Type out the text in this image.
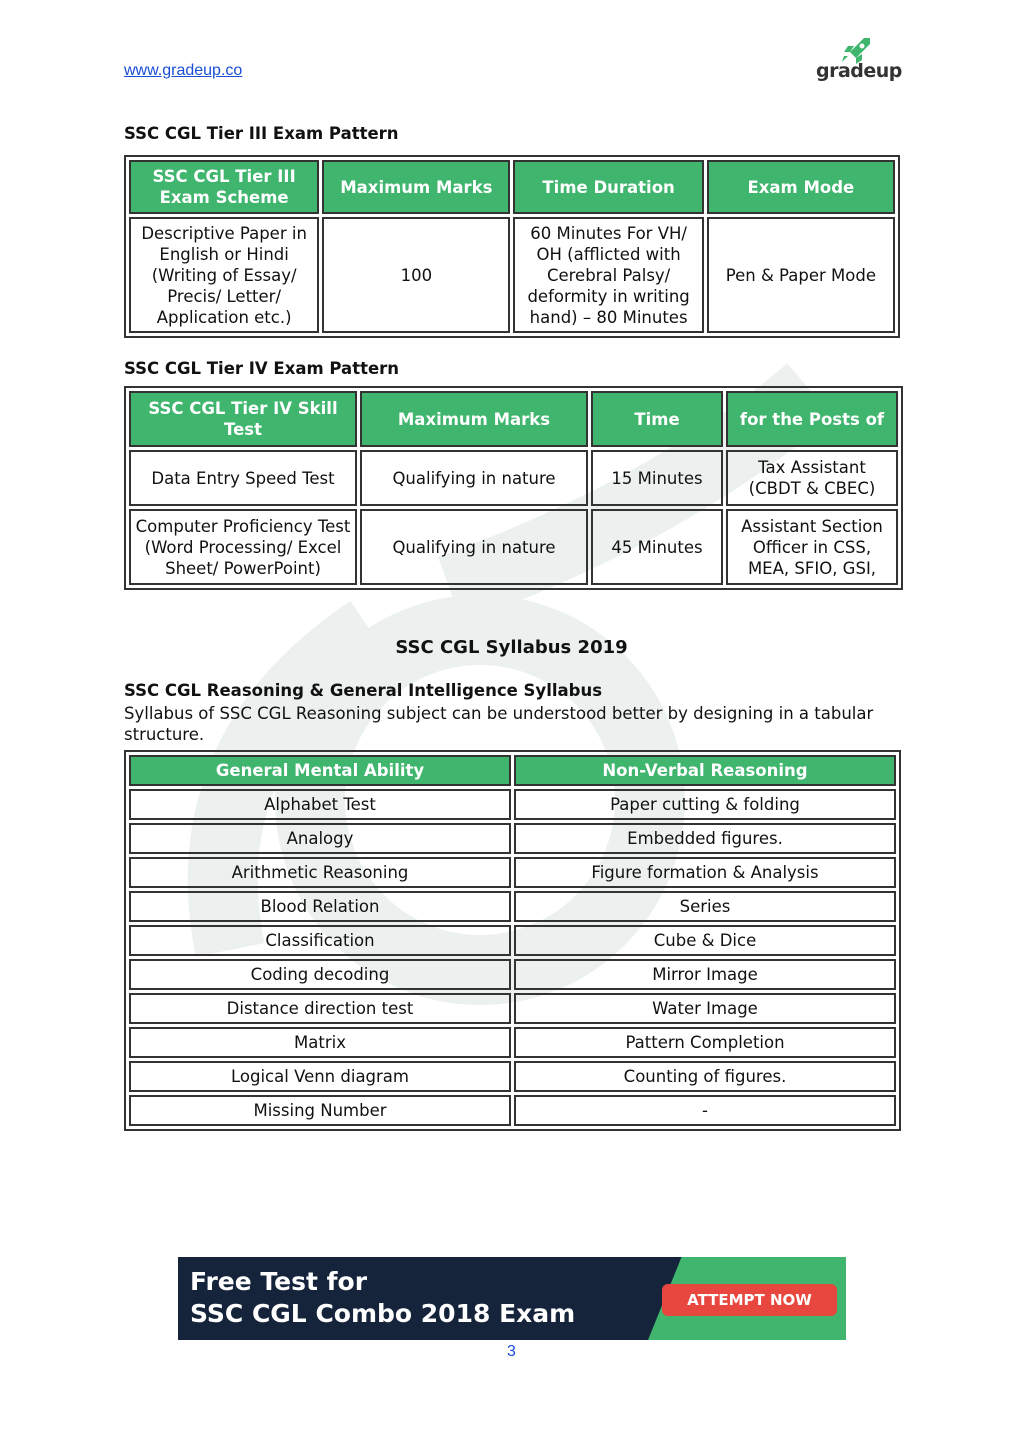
www.gradeup.co	gradeup
SSC CGL Tier III Exam Pattern
SSC CGL Tier III Exam Scheme	Maximum Marks	Time Duration	Exam Mode
Descriptive Paper in English or Hindi (Writing of Essay/ Precis/ Letter/ Application etc.)	100	60 Minutes For VH/ OH (afflicted with Cerebral Palsy/ deformity in writing hand) – 80 Minutes	Pen & Paper Mode
SSC CGL Tier IV Exam Pattern
SSC CGL Tier IV Skill Test	Maximum Marks	Time	for the Posts of
Data Entry Speed Test	Qualifying in nature	15 Minutes	Tax Assistant (CBDT & CBEC)
Computer Proficiency Test (Word Processing/ Excel Sheet/ PowerPoint)	Qualifying in nature	45 Minutes	Assistant Section Officer in CSS, MEA, SFIO, GSI,
SSC CGL Syllabus 2019
SSC CGL Reasoning & General Intelligence Syllabus

Syllabus of SSC CGL Reasoning subject can be understood better by designing in a tabular structure.

General Mental Ability	Non-Verbal Reasoning
Alphabet Test	Paper cutting & folding
Analogy	Embedded figures.
Arithmetic Reasoning	Figure formation & Analysis
Blood Relation	Series
Classification	Cube & Dice
Coding decoding	Mirror Image
Distance direction test	Water Image
Matrix	Pattern Completion
Logical Venn diagram	Counting of figures.
Missing Number	-
Free Test for
SSC CGL Combo 2018 Exam	ATTEMPT NOW
3
